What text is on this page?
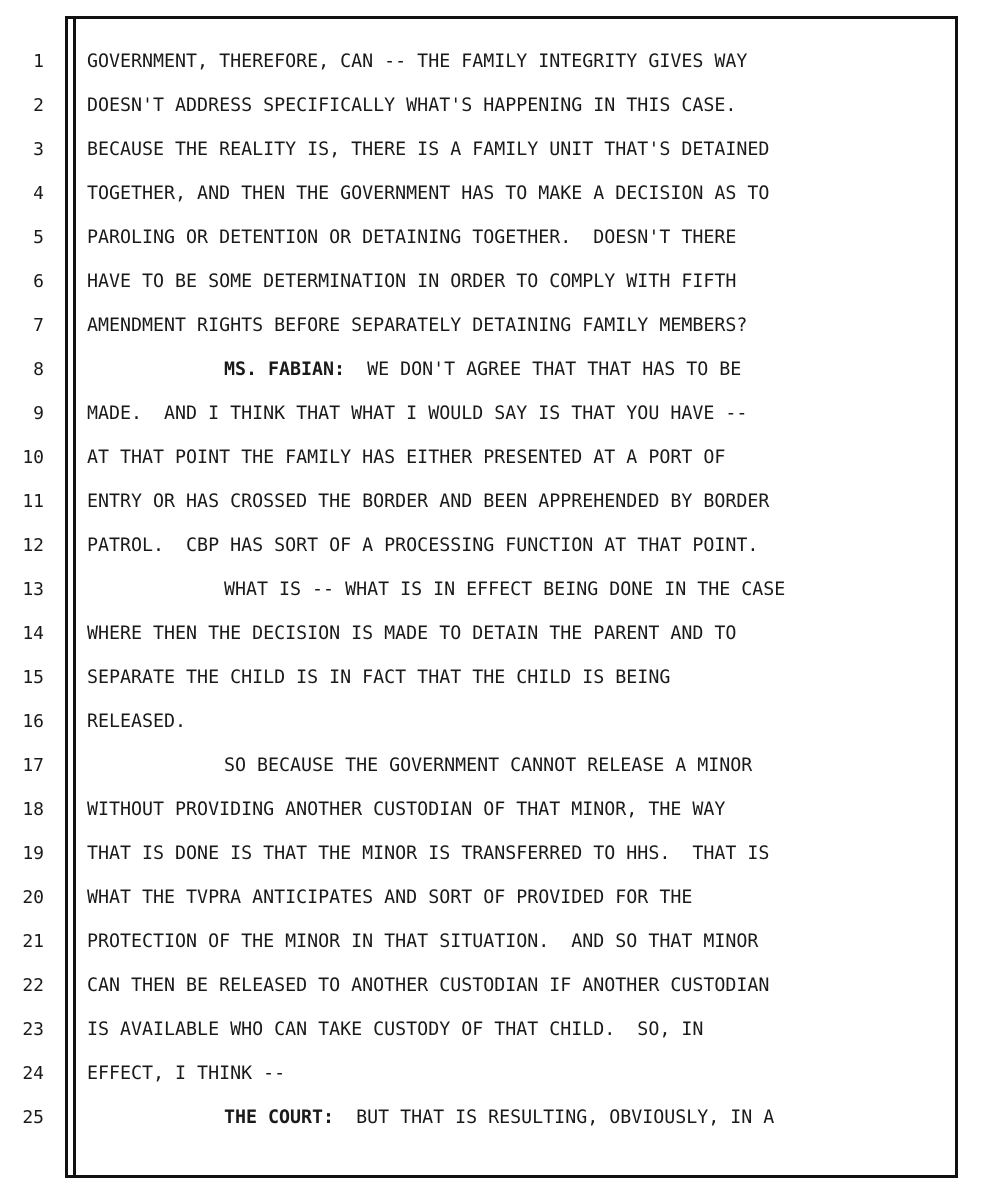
1 GOVERNMENT, THEREFORE, CAN -- THE FAMILY INTEGRITY GIVES WAY
2 DOESN'T ADDRESS SPECIFICALLY WHAT'S HAPPENING IN THIS CASE.
3 BECAUSE THE REALITY IS, THERE IS A FAMILY UNIT THAT'S DETAINED
4 TOGETHER, AND THEN THE GOVERNMENT HAS TO MAKE A DECISION AS TO
5 PAROLING OR DETENTION OR DETAINING TOGETHER.  DOESN'T THERE
6 HAVE TO BE SOME DETERMINATION IN ORDER TO COMPLY WITH FIFTH
7 AMENDMENT RIGHTS BEFORE SEPARATELY DETAINING FAMILY MEMBERS?
8	MS. FABIAN:  WE DON'T AGREE THAT THAT HAS TO BE
9 MADE.  AND I THINK THAT WHAT I WOULD SAY IS THAT YOU HAVE --
10 AT THAT POINT THE FAMILY HAS EITHER PRESENTED AT A PORT OF
11 ENTRY OR HAS CROSSED THE BORDER AND BEEN APPREHENDED BY BORDER
12 PATROL.  CBP HAS SORT OF A PROCESSING FUNCTION AT THAT POINT.
13	WHAT IS -- WHAT IS IN EFFECT BEING DONE IN THE CASE
14 WHERE THEN THE DECISION IS MADE TO DETAIN THE PARENT AND TO
15 SEPARATE THE CHILD IS IN FACT THAT THE CHILD IS BEING
16 RELEASED.
17	SO BECAUSE THE GOVERNMENT CANNOT RELEASE A MINOR
18 WITHOUT PROVIDING ANOTHER CUSTODIAN OF THAT MINOR, THE WAY
19 THAT IS DONE IS THAT THE MINOR IS TRANSFERRED TO HHS.  THAT IS
20 WHAT THE TVPRA ANTICIPATES AND SORT OF PROVIDED FOR THE
21 PROTECTION OF THE MINOR IN THAT SITUATION.  AND SO THAT MINOR
22 CAN THEN BE RELEASED TO ANOTHER CUSTODIAN IF ANOTHER CUSTODIAN
23 IS AVAILABLE WHO CAN TAKE CUSTODY OF THAT CHILD.  SO, IN
24 EFFECT, I THINK --
25	THE COURT:  BUT THAT IS RESULTING, OBVIOUSLY, IN A
